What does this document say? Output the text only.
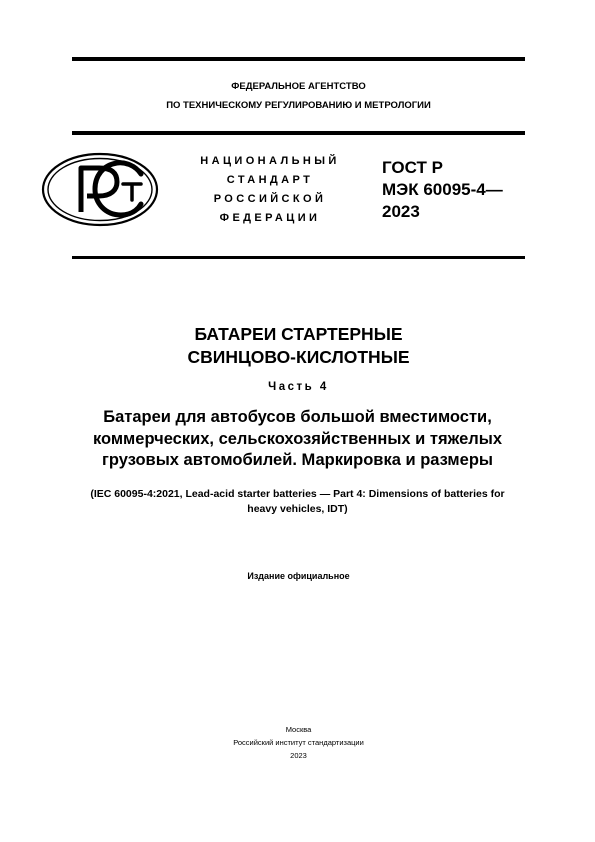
ФЕДЕРАЛЬНОЕ АГЕНТСТВО
ПО ТЕХНИЧЕСКОМУ РЕГУЛИРОВАНИЮ И МЕТРОЛОГИИ
НАЦИОНАЛЬНЫЙ
СТАНДАРТ
РОССИЙСКОЙ
ФЕДЕРАЦИИ
ГОСТ Р
МЭК 60095-4—
2023
БАТАРЕИ СТАРТЕРНЫЕ
СВИНЦОВО-КИСЛОТНЫЕ
Часть 4
Батареи для автобусов большой вместимости,
коммерческих, сельскохозяйственных и тяжелых
грузовых автомобилей. Маркировка и размеры
(IEC 60095-4:2021, Lead-acid starter batteries — Part 4: Dimensions of batteries for
heavy vehicles, IDT)
Издание официальное
Москва
Российский институт стандартизации
2023
